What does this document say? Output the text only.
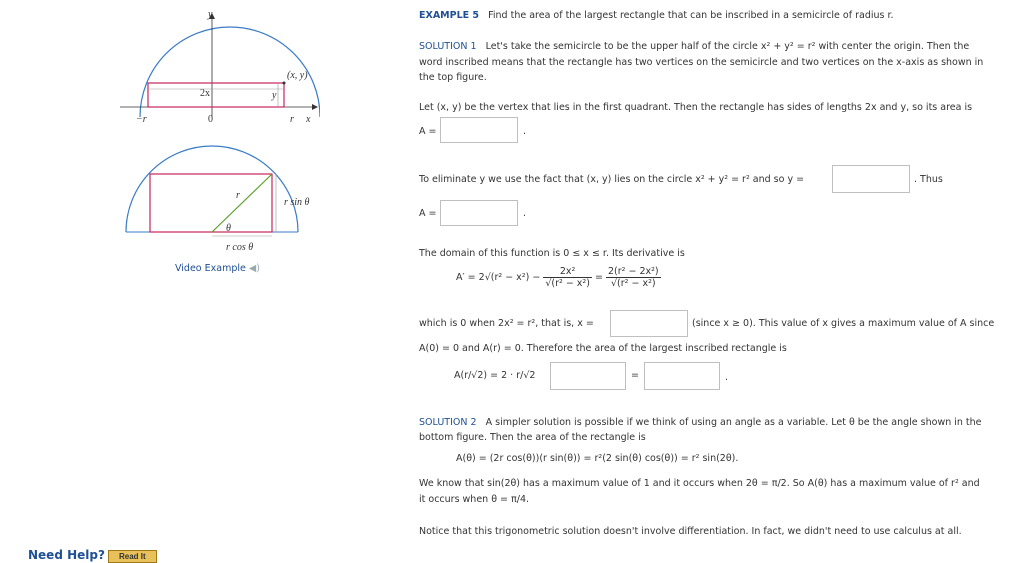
y
x
−r	0	r
2x	y
(x, y)
r
θ
r sin θ
r cos θ
Video Example ◀)
Need Help? Read It
EXAMPLE 5 Find the area of the largest rectangle that can be inscribed in a semicircle of radius r.
SOLUTION 1 Let's take the semicircle to be the upper half of the circle x² + y² = r² with center the origin. Then the
word inscribed means that the rectangle has two vertices on the semicircle and two vertices on the x-axis as shown in
the top figure.
Let (x, y) be the vertex that lies in the first quadrant. Then the rectangle has sides of lengths 2x and y, so its area is
A =	.
To eliminate y we use the fact that (x, y) lies on the circle x² + y² = r² and so y =	. Thus
A =	.
The domain of this function is 0 ≤ x ≤ r. Its derivative is
$A' = 2√(r^2 - x^2) - \frac{\text{2x²}}{\text{√(r² − x²)}} = \frac{\text{2(r² − 2x²)}}{\text{√(r² − x²)}}$
which is 0 when 2x² = r², that is, x =	(since x ≥ 0). This value of x gives a maximum value of A since
A(0) = 0 and A(r) = 0. Therefore the area of the largest inscribed rectangle is
A(r/√2) = 2 · r/√2	=	.
SOLUTION 2 A simpler solution is possible if we think of using an angle as a variable. Let θ be the angle shown in the
bottom figure. Then the area of the rectangle is
A(θ) = (2r cos(θ))(r sin(θ)) = r²(2 sin(θ) cos(θ)) = r² sin(2θ).
We know that sin(2θ) has a maximum value of 1 and it occurs when 2θ = π/2. So A(θ) has a maximum value of r² and
it occurs when θ = π/4.
Notice that this trigonometric solution doesn't involve differentiation. In fact, we didn't need to use calculus at all.
